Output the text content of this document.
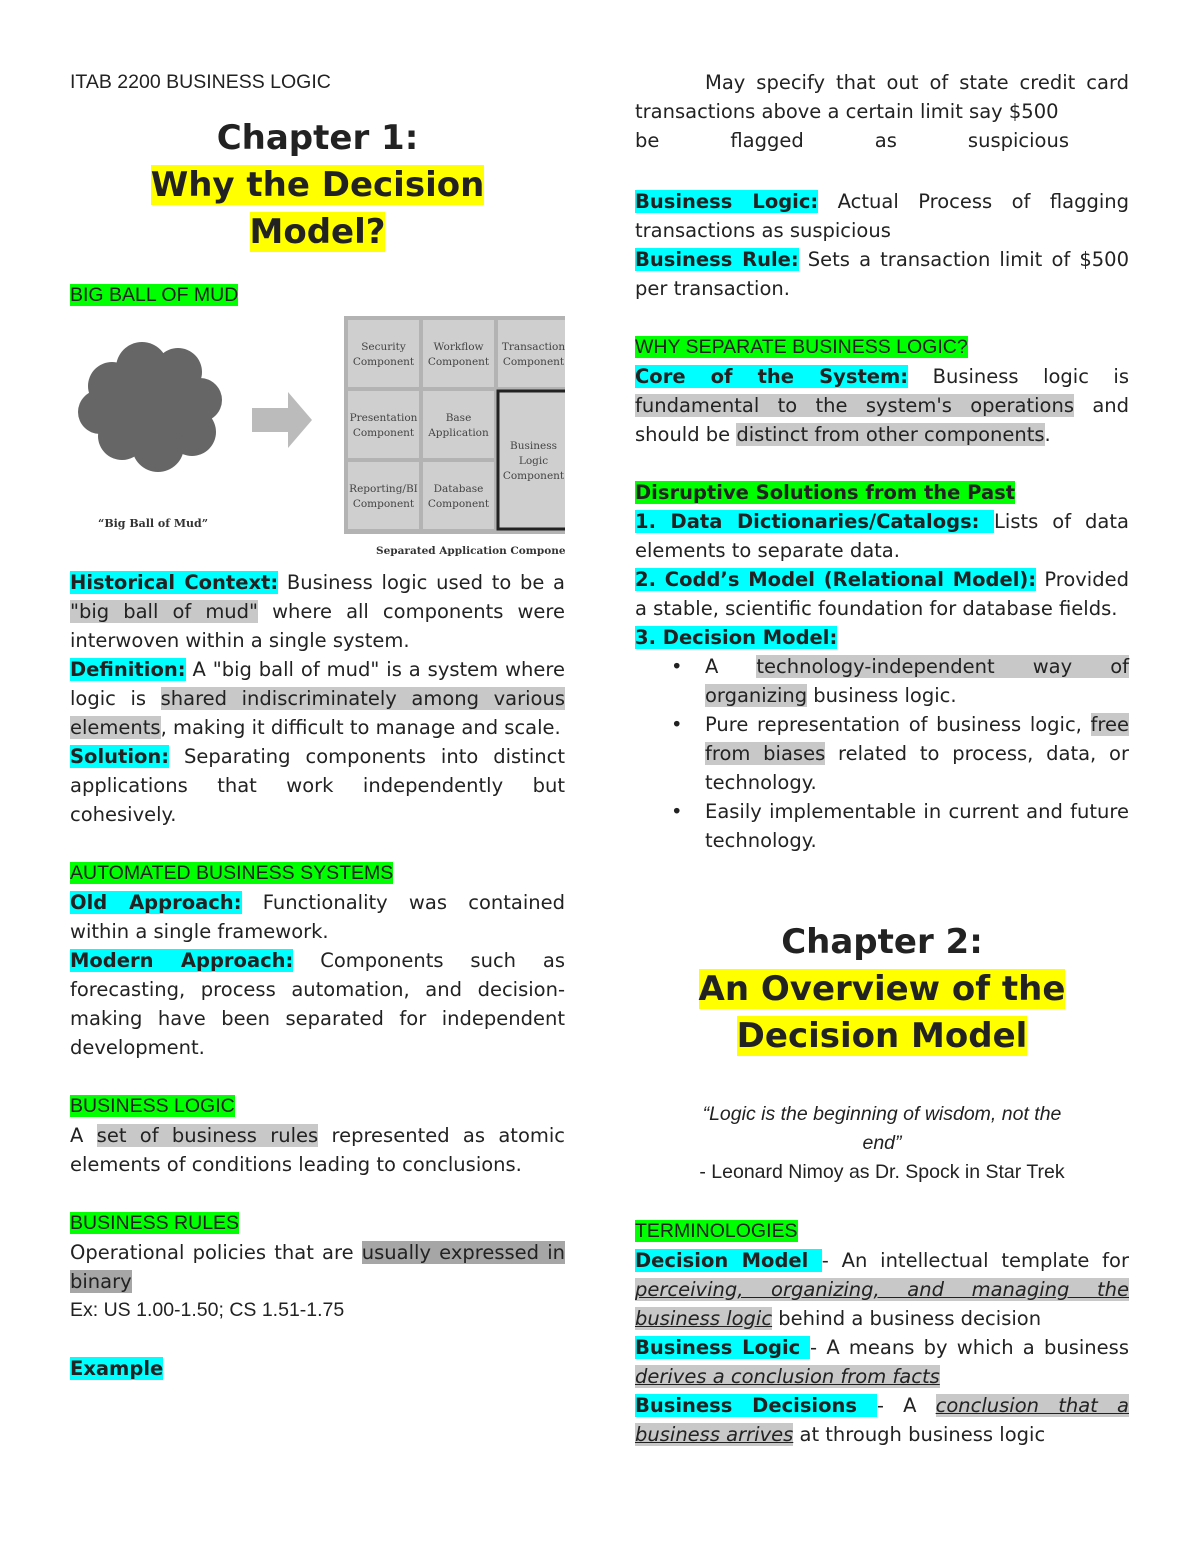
ITAB 2200 BUSINESS LOGIC

Chapter 1:
Why the Decision
Model?

BIG BALL OF MUD

“Big Ball of Mud”
Security
Component
Workflow
Component
Transaction
Component
Presentation
Component
Base
Application
Business
Logic
Component
Reporting/BI
Component
Database
Component
Separated Application Component

Historical Context: Business logic used to be a "big ball of mud" where all components were interwoven within a single system.

Definition: A "big ball of mud" is a system where logic is shared indiscriminately among various elements, making it difficult to manage and scale.

Solution: Separating components into distinct applications that work independently but cohesively.

AUTOMATED BUSINESS SYSTEMS

Old Approach: Functionality was contained within a single framework.

Modern Approach: Components such as forecasting, process automation, and decision-making have been separated for independent development.

BUSINESS LOGIC

A set of business rules represented as atomic elements of conditions leading to conclusions.

BUSINESS RULES

Operational policies that are usually expressed in binary

Ex: US 1.00-1.50; CS 1.51-1.75

Example

May specify that out of state credit card

transactions above a certain limit say $500

be flagged as suspicious

Business Logic: Actual Process of flagging transactions as suspicious

Business Rule: Sets a transaction limit of $500 per transaction.

WHY SEPARATE BUSINESS LOGIC?

Core of the System: Business logic is fundamental to the system's operations and should be distinct from other components.

Disruptive Solutions from the Past

1. Data Dictionaries/Catalogs: Lists of data elements to separate data.

2. Codd’s Model (Relational Model): Provided a stable, scientific foundation for database fields.

3. Decision Model:

• A technology-independent way of organizing business logic.
• Pure representation of business logic, free from biases related to process, data, or technology.
• Easily implementable in current and future technology.
Chapter 2:
An Overview of the
Decision Model

“Logic is the beginning of wisdom, not the

end”

- Leonard Nimoy as Dr. Spock in Star Trek

TERMINOLOGIES

Decision Model - An intellectual template for perceiving, organizing, and managing the business logic behind a business decision

Business Logic - A means by which a business derives a conclusion from facts

Business Decisions - A conclusion that a business arrives at through business logic
